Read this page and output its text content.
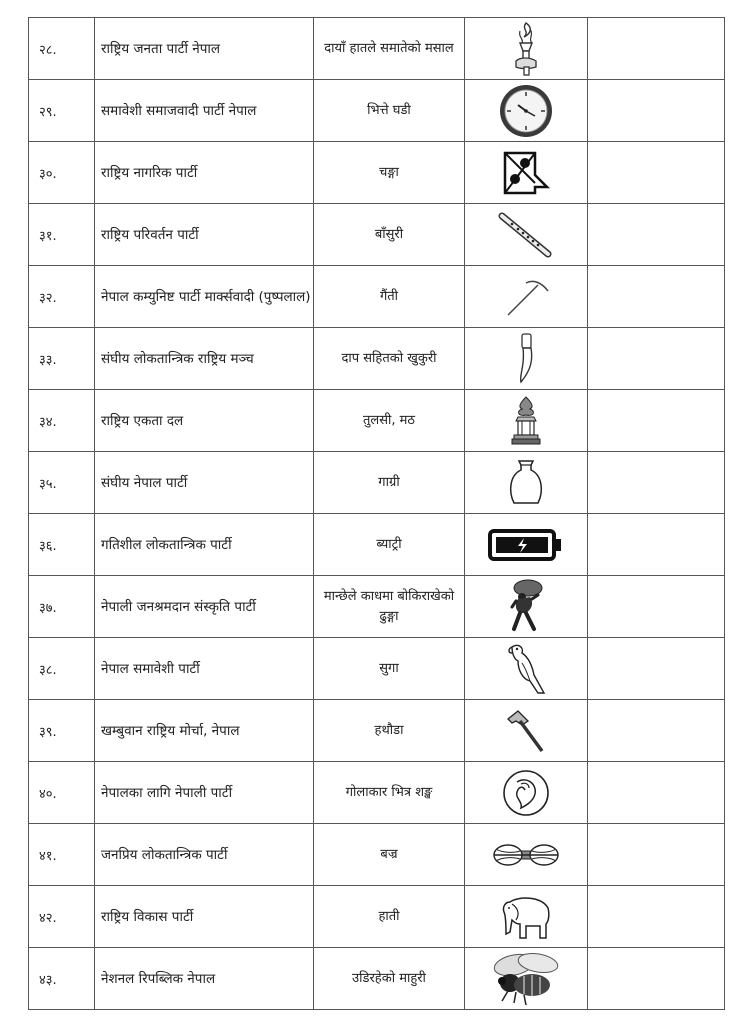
२८.	राष्ट्रिय जनता पार्टी नेपाल	दायाँ हातले समातेको मसाल	

२९.	समावेशी समाजवादी पार्टी नेपाल	भित्ते घडी	

३०.	राष्ट्रिय नागरिक पार्टी	चङ्गा	

३१.	राष्ट्रिय परिवर्तन पार्टी	बाँसुरी	

३२.	नेपाल कम्युनिष्ट पार्टी मार्क्सवादी (पुष्पलाल)	गैंती	

३३.	संघीय लोकतान्त्रिक राष्ट्रिय मञ्च	दाप सहितको खुकुरी	

३४.	राष्ट्रिय एकता दल	तुलसी, मठ	

३५.	संघीय नेपाल पार्टी	गाग्री	

३६.	गतिशील लोकतान्त्रिक पार्टी	ब्याट्री	

३७.	नेपाली जनश्रमदान संस्कृति पार्टी	मान्छेले काधमा बोकिराखेको ढुङ्गा	

३८.	नेपाल समावेशी पार्टी	सुगा	

३९.	खम्बुवान राष्ट्रिय मोर्चा, नेपाल	हथौडा	

४०.	नेपालका लागि नेपाली पार्टी	गोलाकार भित्र शङ्ख	

४१.	जनप्रिय लोकतान्त्रिक पार्टी	बज्र	

४२.	राष्ट्रिय विकास पार्टी	हाती	

४३.	नेशनल रिपब्लिक नेपाल	उडिरहेको माहुरी	
